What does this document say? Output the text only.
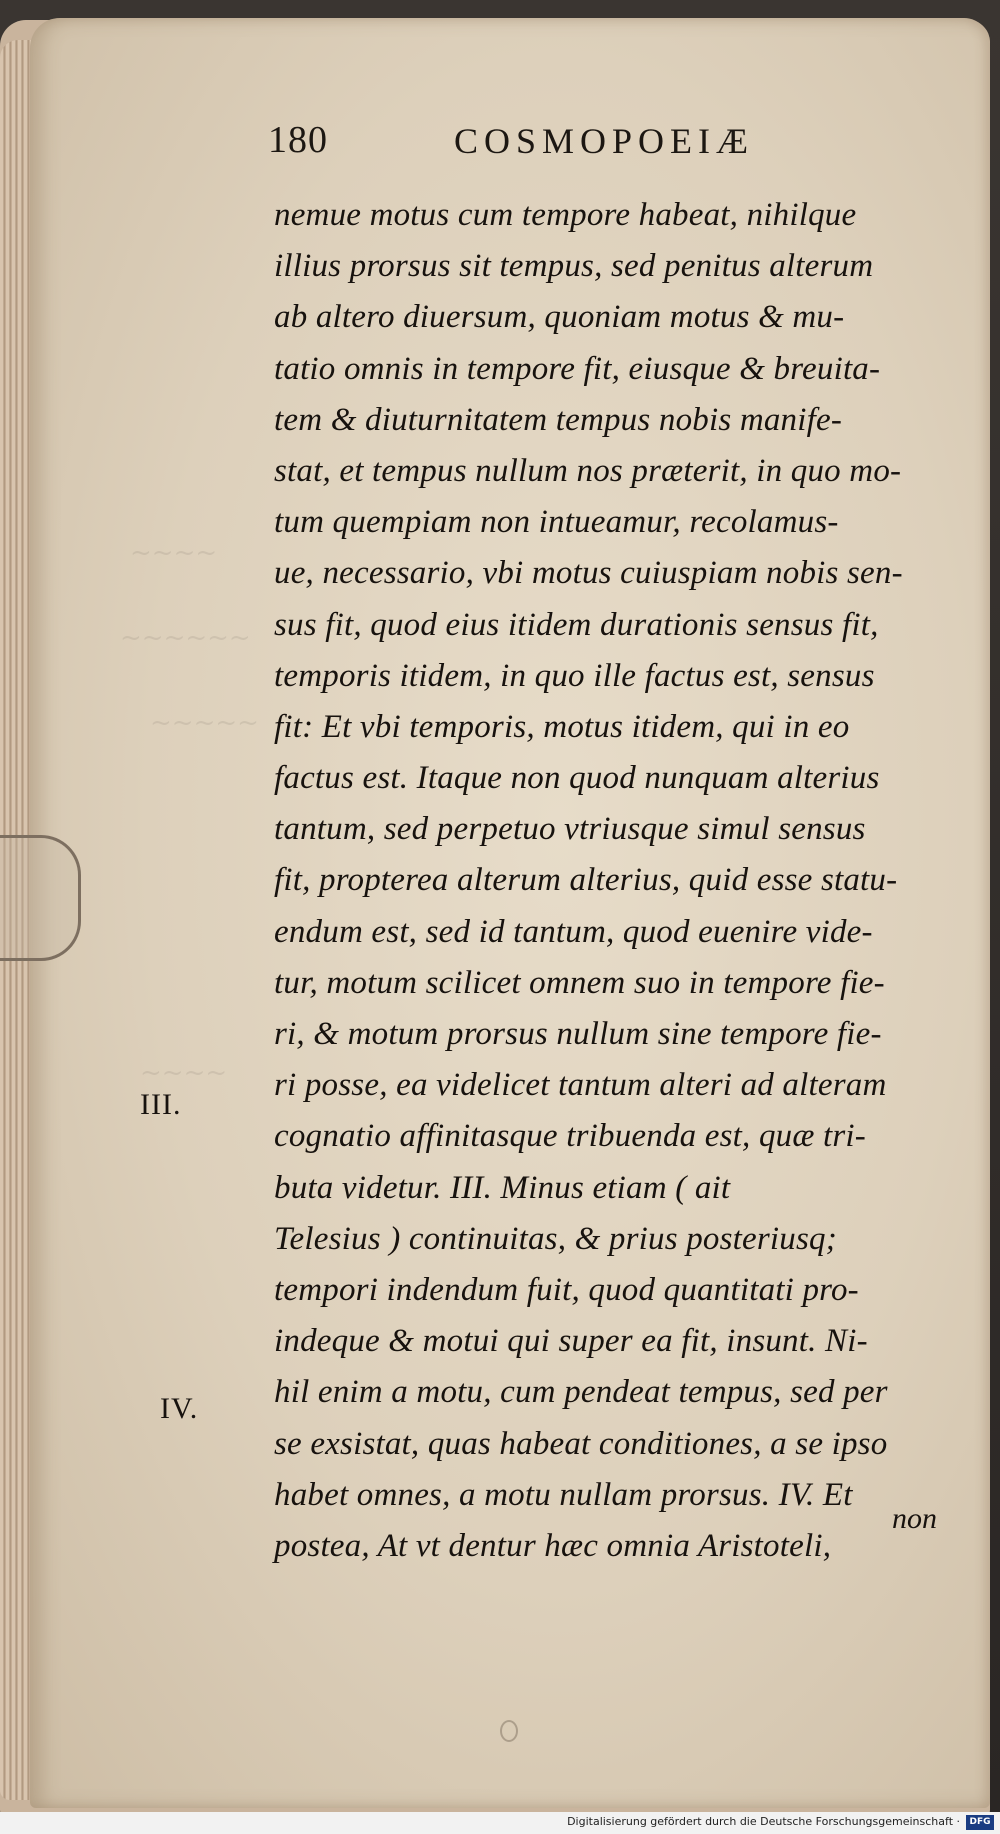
~~~~
~~~~~~
~~~~~
~~~~
180	COSMOPOEIÆ
nemue motus cum tempore habeat, nihilque
illius prorsus sit tempus, sed penitus alterum
ab altero diuersum, quoniam motus & mu-
tatio omnis in tempore fit, eiusque & breuita-
tem & diuturnitatem tempus nobis manife-
stat, et tempus nullum nos præterit, in quo mo-
tum quempiam non intueamur, recolamus-
ue, necessario, vbi motus cuiuspiam nobis sen-
sus fit, quod eius itidem durationis sensus fit,
temporis itidem, in quo ille factus est, sensus
fit: Et vbi temporis, motus itidem, qui in eo
factus est. Itaque non quod nunquam alterius
tantum, sed perpetuo vtriusque simul sensus
fit, propterea alterum alterius, quid esse statu-
endum est, sed id tantum, quod euenire vide-
tur, motum scilicet omnem suo in tempore fie-
ri, & motum prorsus nullum sine tempore fie-
ri posse, ea videlicet tantum alteri ad alteram
cognatio affinitasque tribuenda est, quæ tri-
buta videtur. III. Minus etiam ( ait
Telesius ) continuitas, & prius posteriusq;
tempori indendum fuit, quod quantitati pro-
indeque & motui qui super ea fit, insunt. Ni-
hil enim a motu, cum pendeat tempus, sed per
se exsistat, quas habeat conditiones, a se ipso
habet omnes, a motu nullam prorsus. IV. Et
postea, At vt dentur hæc omnia Aristoteli,
III.
IV.
non
Digitalisierung gefördert durch die Deutsche Forschungsgemeinschaft ·	DFG
